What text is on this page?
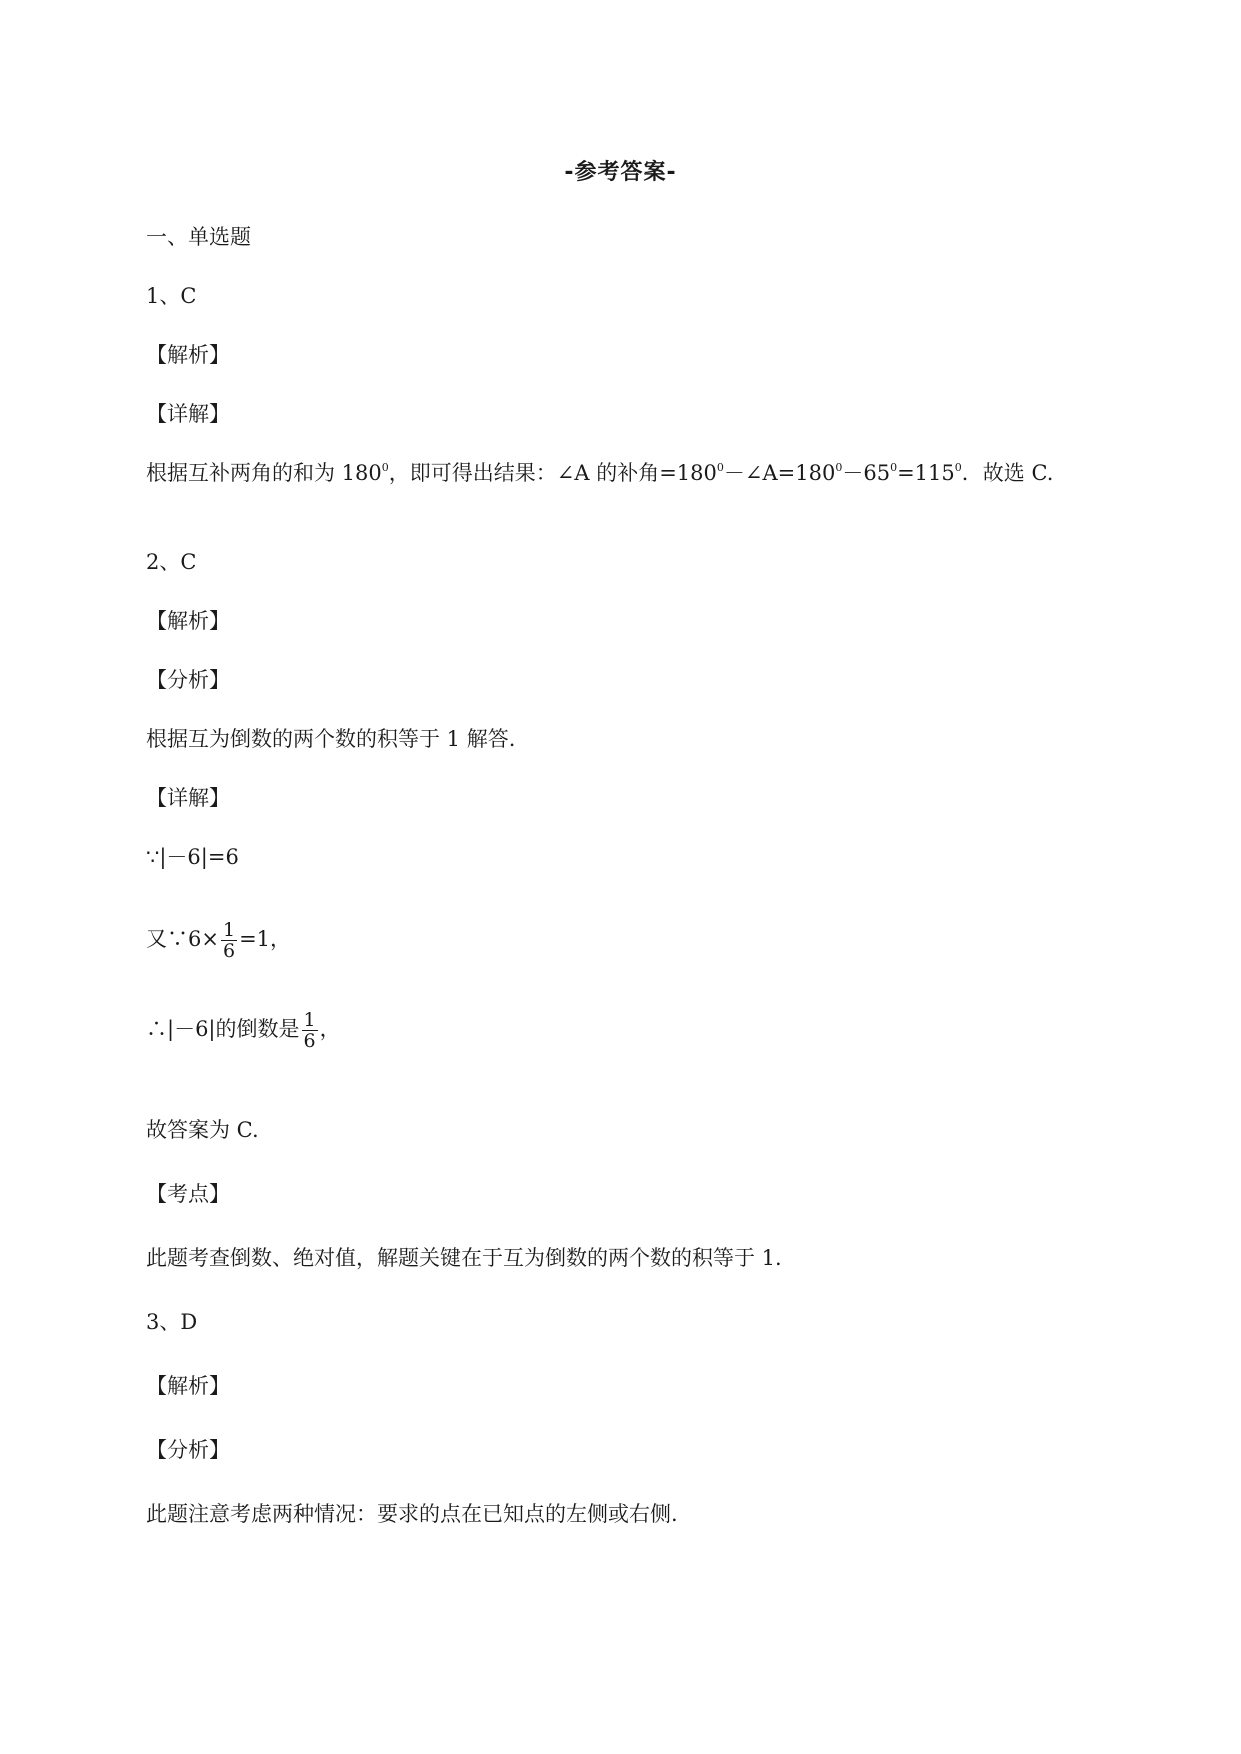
-参考答案-
一、单选题
1、C
【解析】
【详解】
根据互补两角的和为 $180^0$，即可得出结果：∠A 的补角$=180^0-\angle A=180^0-65^0=115^0$．故选 C.
2、C
【解析】
【分析】
根据互为倒数的两个数的积等于 1 解答.
【详解】
∵|－6|=6
又∵6× $\frac{1}{6} =1$，
∴|－6|的倒数是 $\frac{1}{6}$ ，
故答案为 C.
【考点】
此题考查倒数、绝对值，解题关键在于互为倒数的两个数的积等于 1.
3、D
【解析】
【分析】
此题注意考虑两种情况：要求的点在已知点的左侧或右侧.
